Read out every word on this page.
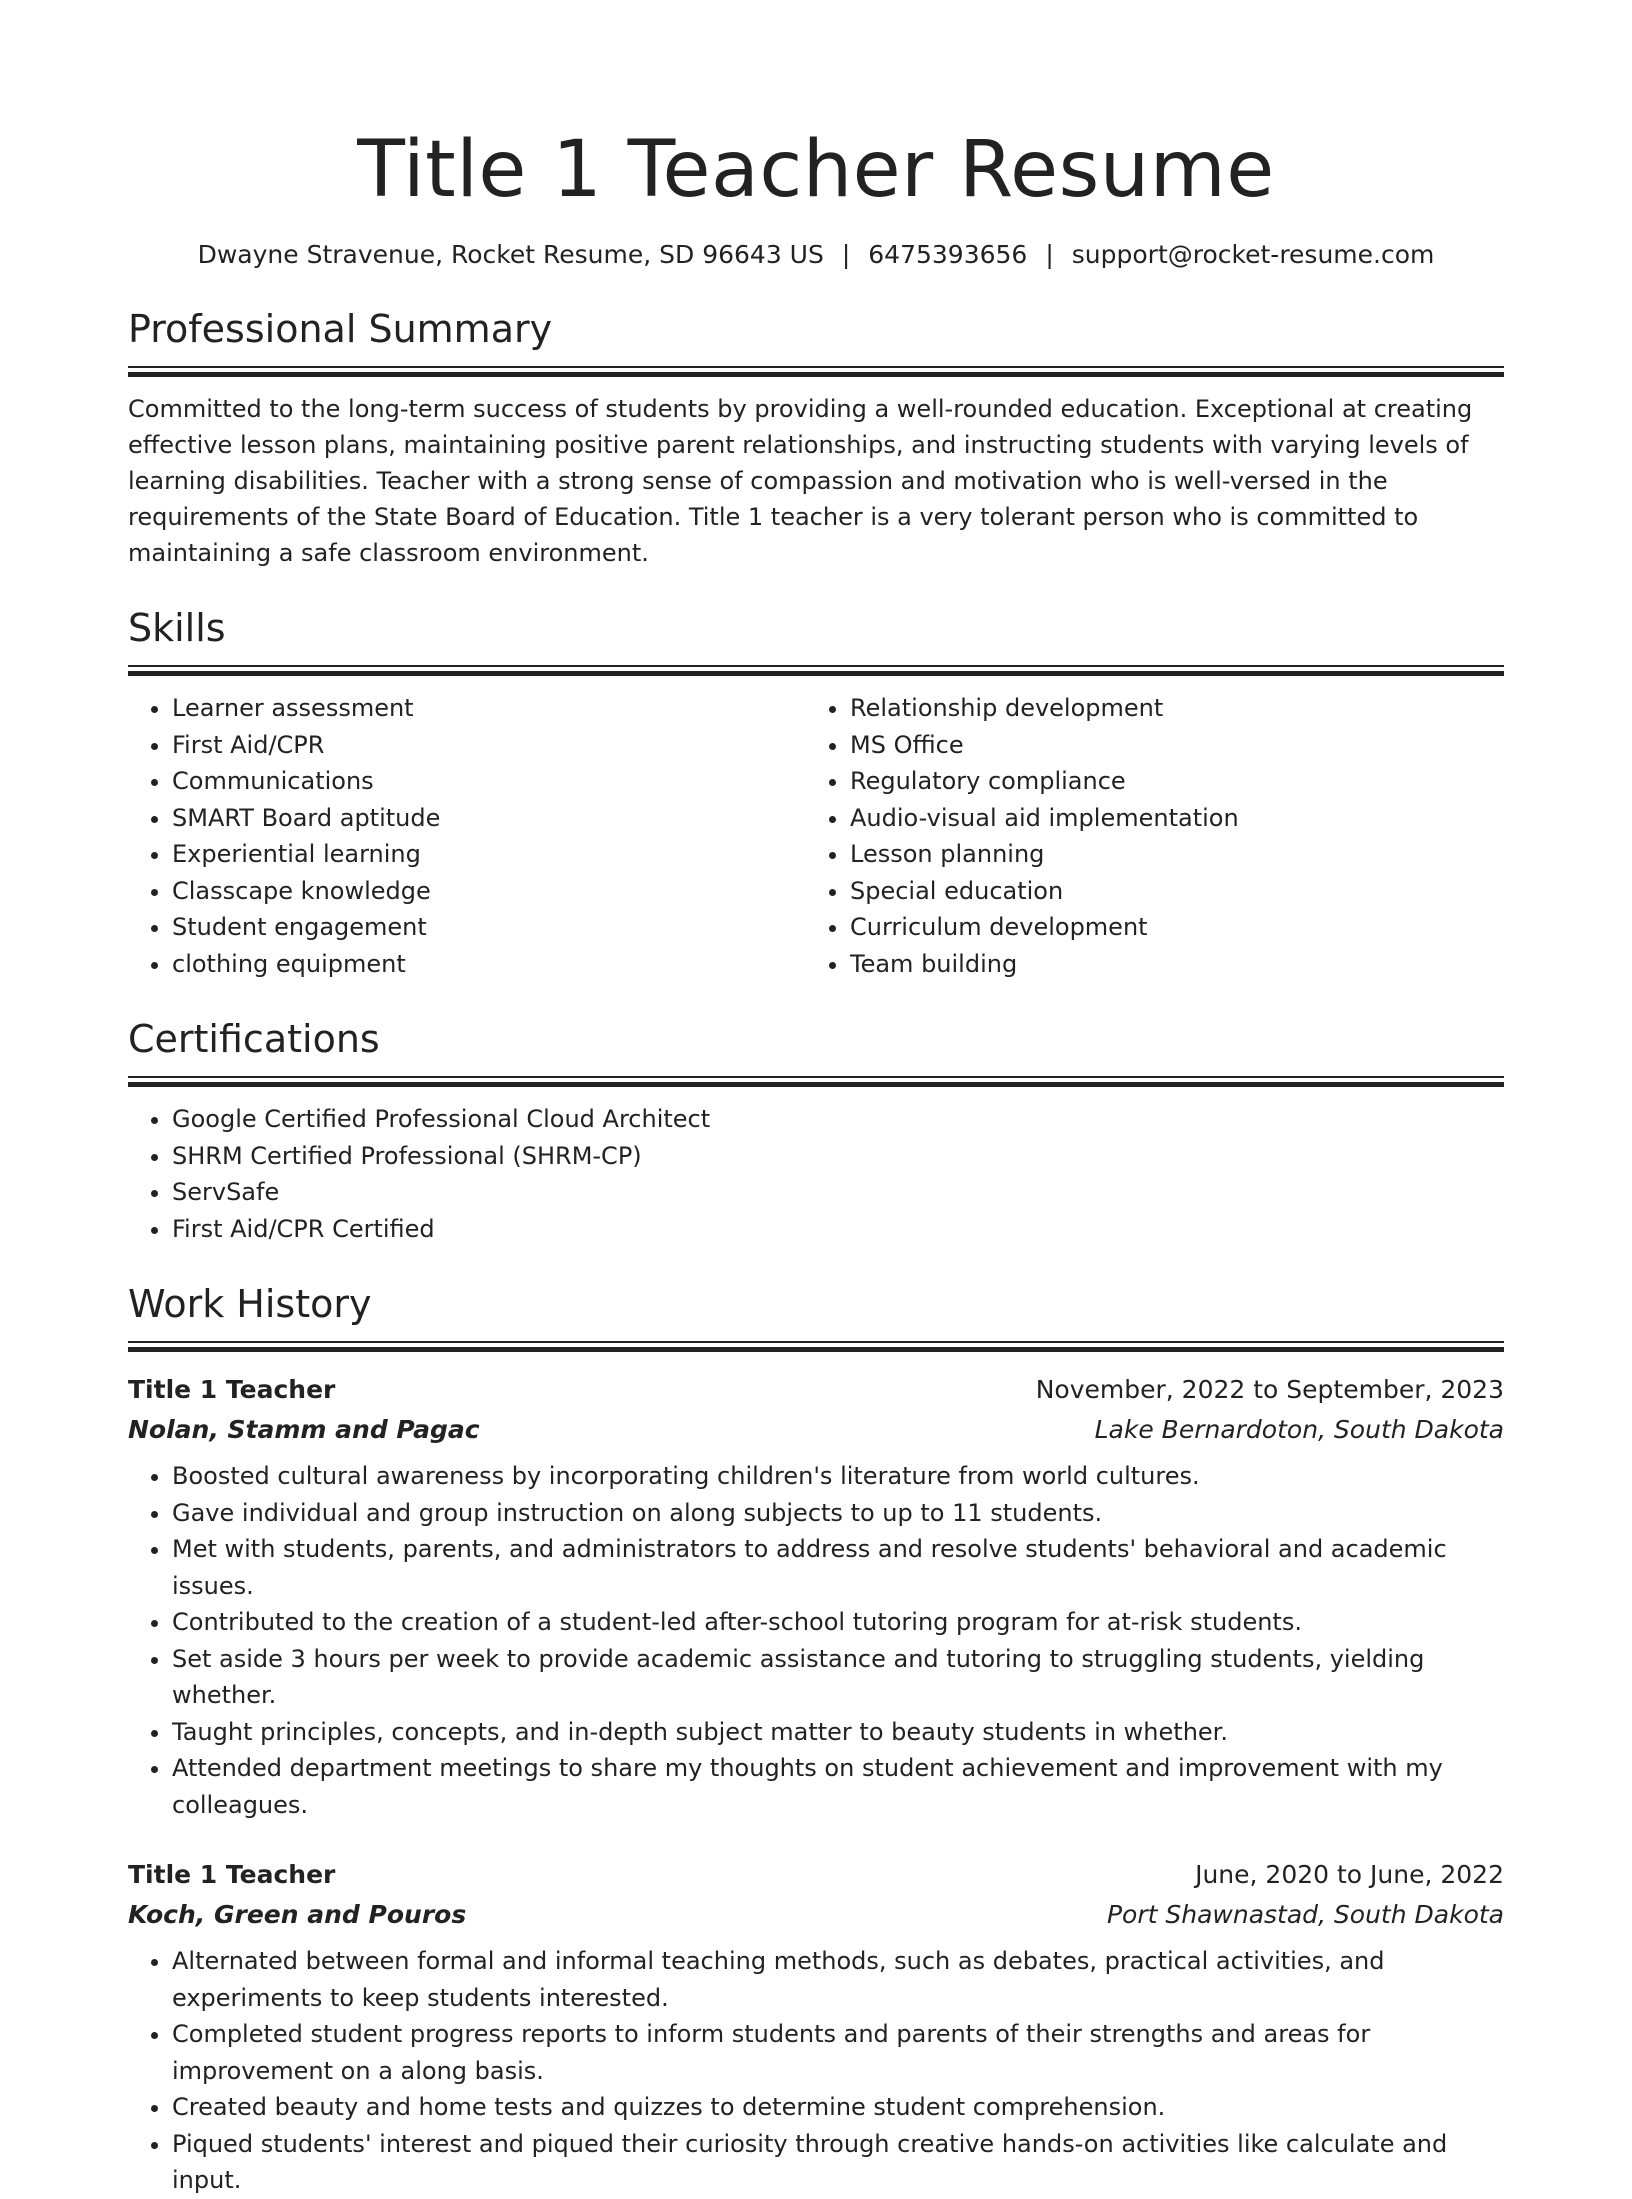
Title 1 Teacher Resume
Dwayne Stravenue, Rocket Resume, SD 96643 US | 6475393656 | support@rocket-resume.com
Professional Summary
Committed to the long-term success of students by providing a well-rounded education. Exceptional at creating effective lesson plans, maintaining positive parent relationships, and instructing students with varying levels of learning disabilities. Teacher with a strong sense of compassion and motivation who is well-versed in the requirements of the State Board of Education. Title 1 teacher is a very tolerant person who is committed to maintaining a safe classroom environment.
Skills
• Learner assessment
• First Aid/CPR
• Communications
• SMART Board aptitude
• Experiential learning
• Classcape knowledge
• Student engagement
• clothing equipment
• Relationship development
• MS Office
• Regulatory compliance
• Audio-visual aid implementation
• Lesson planning
• Special education
• Curriculum development
• Team building
Certifications
• Google Certified Professional Cloud Architect
• SHRM Certified Professional (SHRM-CP)
• ServSafe
• First Aid/CPR Certified
Work History
Title 1 Teacher	November, 2022 to September, 2023
Nolan, Stamm and Pagac	Lake Bernardoton, South Dakota
• Boosted cultural awareness by incorporating children's literature from world cultures.
• Gave individual and group instruction on along subjects to up to 11 students.
• Met with students, parents, and administrators to address and resolve students' behavioral and academic issues.
• Contributed to the creation of a student-led after-school tutoring program for at-risk students.
• Set aside 3 hours per week to provide academic assistance and tutoring to struggling students, yielding whether.
• Taught principles, concepts, and in-depth subject matter to beauty students in whether.
• Attended department meetings to share my thoughts on student achievement and improvement with my colleagues.
Title 1 Teacher	June, 2020 to June, 2022
Koch, Green and Pouros	Port Shawnastad, South Dakota
• Alternated between formal and informal teaching methods, such as debates, practical activities, and experiments to keep students interested.
• Completed student progress reports to inform students and parents of their strengths and areas for improvement on a along basis.
• Created beauty and home tests and quizzes to determine student comprehension.
• Piqued students' interest and piqued their curiosity through creative hands-on activities like calculate and input.
